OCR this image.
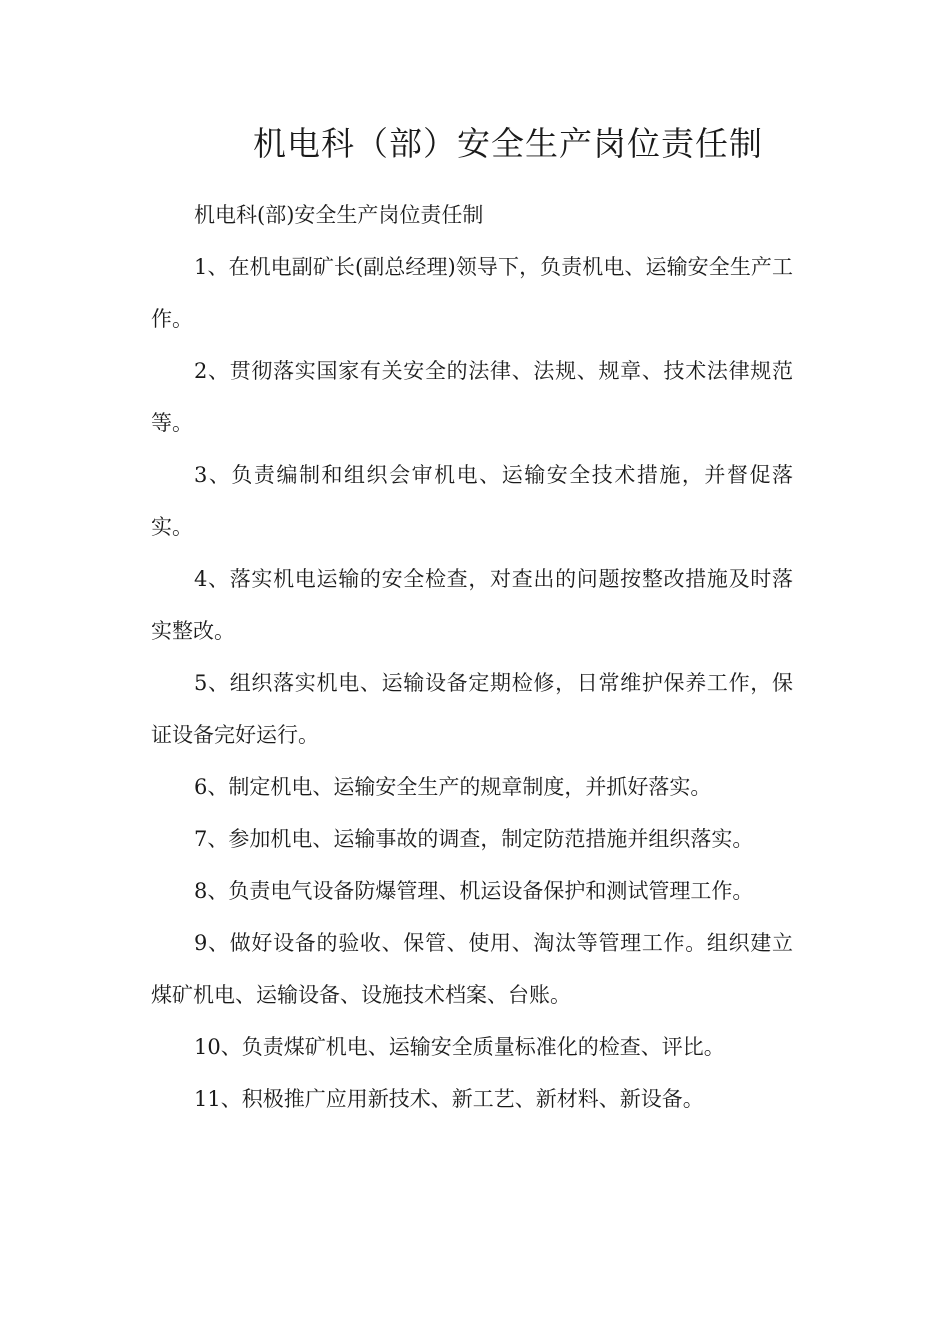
机电科（部）安全生产岗位责任制

机电科(部)安全生产岗位责任制

1、在机电副矿长(副总经理)领导下，负责机电、运输安全生产工作。

2、贯彻落实国家有关安全的法律、法规、规章、技术法律规范等。

3、负责编制和组织会审机电、运输安全技术措施，并督促落实。

4、落实机电运输的安全检查，对查出的问题按整改措施及时落实整改。

5、组织落实机电、运输设备定期检修，日常维护保养工作，保证设备完好运行。

6、制定机电、运输安全生产的规章制度，并抓好落实。

7、参加机电、运输事故的调查，制定防范措施并组织落实。

8、负责电气设备防爆管理、机运设备保护和测试管理工作。

9、做好设备的验收、保管、使用、淘汰等管理工作。组织建立煤矿机电、运输设备、设施技术档案、台账。

10、负责煤矿机电、运输安全质量标准化的检查、评比。

11、积极推广应用新技术、新工艺、新材料、新设备。
